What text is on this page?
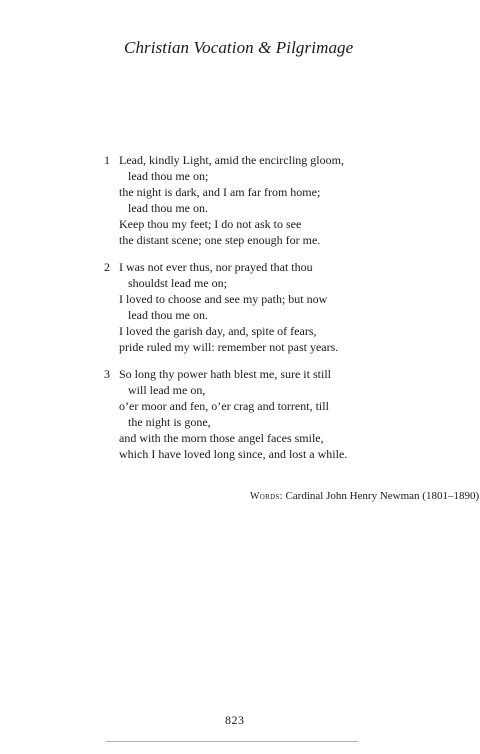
Christian Vocation & Pilgrimage
1 Lead, kindly Light, amid the encircling gloom,
lead thou me on;
the night is dark, and I am far from home;
lead thou me on.
Keep thou my feet; I do not ask to see
the distant scene; one step enough for me.
2 I was not ever thus, nor prayed that thou
shouldst lead me on;
I loved to choose and see my path; but now
lead thou me on.
I loved the garish day, and, spite of fears,
pride ruled my will: remember not past years.
3 So long thy power hath blest me, sure it still
will lead me on,
o’er moor and fen, o’er crag and torrent, till
the night is gone,
and with the morn those angel faces smile,
which I have loved long since, and lost a while.
Words: Cardinal John Henry Newman (1801–1890)
823
